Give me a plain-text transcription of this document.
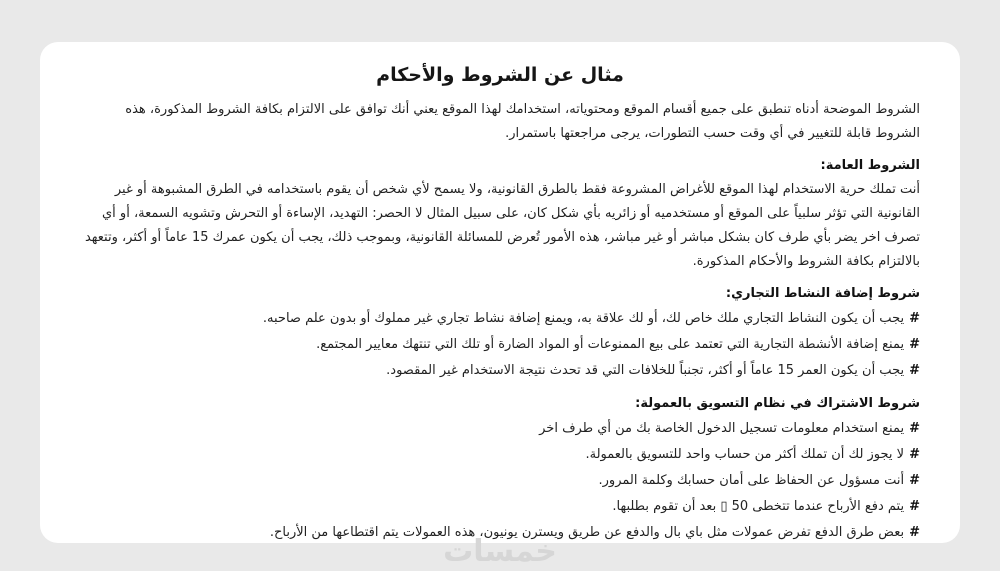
مثال عن الشروط والأحكام

الشروط الموضحة أدناه تنطبق على جميع أقسام الموقع ومحتوياته، استخدامك لهذا الموقع يعني أنك توافق على الالتزام بكافة الشروط المذكورة، هذه الشروط قابلة للتغيير في أي وقت حسب التطورات، يرجى مراجعتها باستمرار.

الشروط العامة:

أنت تملك حرية الاستخدام لهذا الموقع للأغراض المشروعة فقط بالطرق القانونية، ولا يسمح لأي شخص أن يقوم باستخدامه في الطرق المشبوهة أو غير القانونية التي تؤثر سلبياً على الموقع أو مستخدميه أو زائريه بأي شكل كان، على سبيل المثال لا الحصر: التهديد، الإساءة أو التحرش وتشويه السمعة، أو أي تصرف اخر يضر بأي طرف كان بشكل مباشر أو غير مباشر، هذه الأمور تُعرض للمسائلة القانونية، وبموجب ذلك، يجب أن يكون عمرك 15 عاماً أو أكثر، وتتعهد بالالتزام بكافة الشروط والأحكام المذكورة.

شروط إضافة النشاط التجاري:
#
يجب أن يكون النشاط التجاري ملك خاص لك، أو لك علاقة به، ويمنع إضافة نشاط تجاري غير مملوك أو بدون علم صاحبه.
#
يمنع إضافة الأنشطة التجارية التي تعتمد على بيع الممنوعات أو المواد الضارة أو تلك التي تنتهك معايير المجتمع.
#
يجب أن يكون العمر 15 عاماً أو أكثر، تجنباً للخلافات التي قد تحدث نتيجة الاستخدام غير المقصود.
شروط الاشتراك في نظام التسويق بالعمولة:
#
يمنع استخدام معلومات تسجيل الدخول الخاصة بك من أي طرف اخر
#
لا يجوز لك أن تملك أكثر من حساب واحد للتسويق بالعمولة.
#
أنت مسؤول عن الحفاظ على أمان حسابك وكلمة المرور.
#
يتم دفع الأرباح عندما تتخطى 50 ▯ بعد أن تقوم بطلبها.
#
بعض طرق الدفع تفرض عمولات مثل باي بال والدفع عن طريق ويسترن يونيون، هذه العمولات يتم اقتطاعها من الأرباح.
خمسات
